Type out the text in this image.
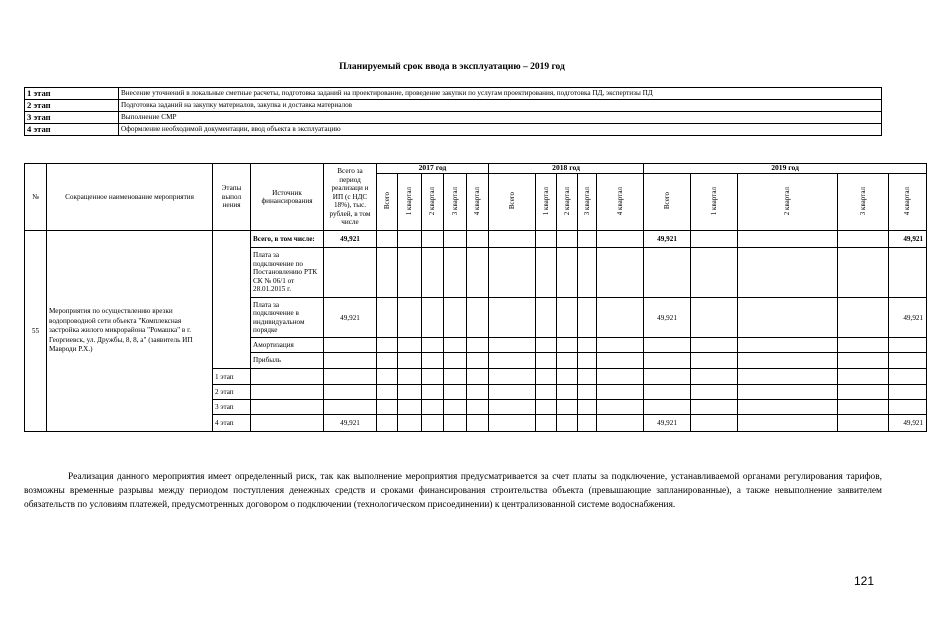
Планируемый срок ввода в эксплуатацию – 2019 год
1 этап	Внесение уточнений в локальные сметные расчеты, подготовка заданий на проектирование, проведение закупки по услугам проектирования, подготовка ПД, экспертизы ПД
2 этап	Подготовка заданий на закупку материалов, закупка и доставка материалов
3 этап	Выполнение СМР
4 этап	Оформление необходимой документации, ввод объекта в эксплуатацию
№	Сокращенное наименование мероприятия	Этапы выпол нения	Источник финансирования	Всего за период реализаци и ИП (с НДС 18%), тыс. рублей, в том числе	2017 год					2018 год					2019 год				
					Всего	1 квартал	2 квартал	3 квартал	4 квартал	Всего	1 квартал	2 квартал	3 квартал	4 квартал	Всего	1 квартал	2 квартал	3 квартал	4 квартал
55	Мероприятия по осуществлению врезки водопроводной сети объекта "Комплексная застройка жилого микрорайона "Ромашка" в г. Георгиевск, ул. Дружбы, 8, 8, а" (заявитель ИП Мавроди Р.Х.)		Всего, в том числе:	49,921											49,921				49,921
			Плата за подключение по Постановлению РТК СК № 06/1 от 28.01.2015 г.																
			Плата за подключение в индивидуальном порядке	49,921											49,921				49,921
			Амортизация																
			Прибыль																
		1 этап																	
		2 этап																	
		3 этап																	
		4 этап		49,921											49,921				49,921
Реализация данного мероприятия имеет определенный риск, так как выполнение мероприятия предусматривается за счет платы за подключение, устанавливаемой органами регулирования тарифов, возможны временные разрывы между периодом поступления денежных средств и сроками финансирования строительства объекта (превышающие запланированные), а также невыполнение заявителем обязательств по условиям платежей, предусмотренных договором о подключении (технологическом присоединении) к централизованной системе водоснабжения.
121
